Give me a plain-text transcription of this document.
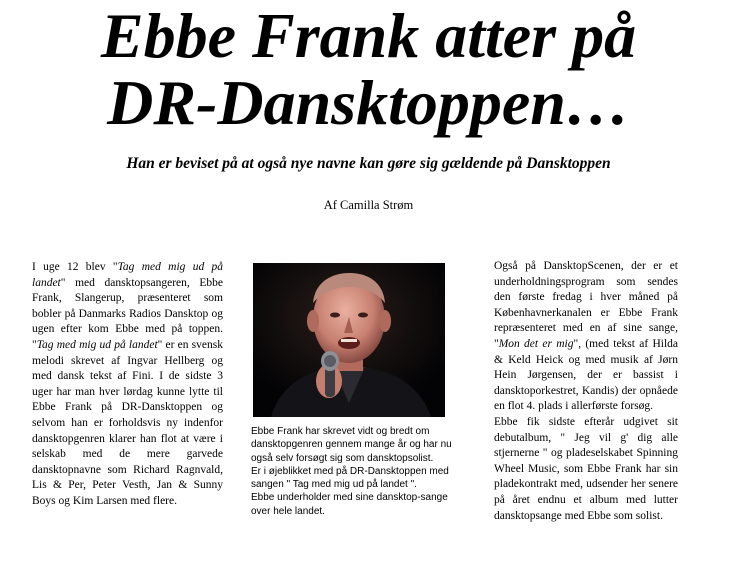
Ebbe Frank atter på
DR-Dansktoppen…
Han er beviset på at også nye navne kan gøre sig gældende på Dansktoppen
Af Camilla Strøm

I uge 12 blev "Tag med mig ud på landet" med dansktopsangeren, Ebbe Frank, Slangerup, præsenteret som bobler på Danmarks Radios Dansktop og ugen efter kom Ebbe med på toppen. "Tag med mig ud på landet" er en svensk melodi skrevet af Ingvar Hellberg og med dansk tekst af Fini. I de sidste 3 uger har man hver lørdag kunne lytte til Ebbe Frank på DR-Dansktoppen og selvom han er forholdsvis ny indenfor dansktopgenren klarer han flot at være i selskab med de mere garvede dansktopnavne som Richard Ragnvald, Lis & Per, Peter Vesth, Jan & Sunny Boys og Kim Larsen med flere.

Ebbe Frank har skrevet vidt og bredt om dansktopgenren gennem mange år og har nu også selv forsøgt sig som dansktopsolist.

Er i øjeblikket med på DR-Dansktoppen med sangen " Tag med mig ud på landet ".

Ebbe underholder med sine dansktop-sange over hele landet.

Også på DansktopScenen, der er et underholdningsprogram som sendes den første fredag i hver måned på Københavnerkanalen er Ebbe Frank repræsenteret med en af sine sange, "Mon det er mig", (med tekst af Hilda & Keld Heick og med musik af Jørn Hein Jørgensen, der er bassist i dansktoporkestret, Kandis) der opnåede en flot 4. plads i allerførste forsøg.

Ebbe fik sidste efterår udgivet sit debutalbum, " Jeg vil g' dig alle stjernerne " og pladeselskabet Spinning Wheel Music, som Ebbe Frank har sin pladekontrakt med, udsender her senere på året endnu et album med lutter dansktopsange med Ebbe som solist.
